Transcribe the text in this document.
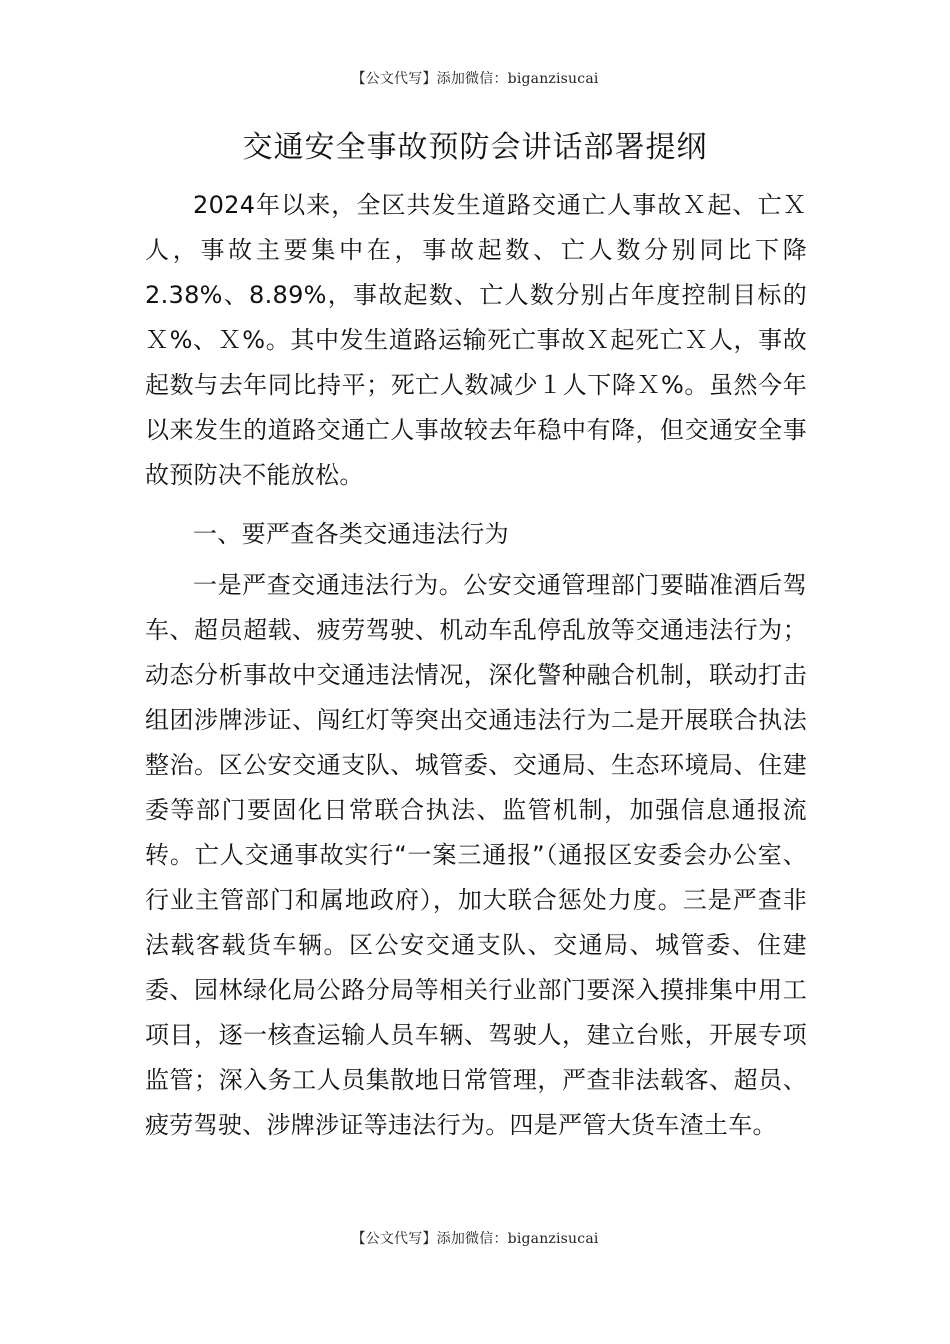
【公文代写】添加微信：biganzisucai
交通安全事故预防会讲话部署提纲

2024年以来，全区共发生道路交通亡人事故Ｘ起、亡Ｘ人，事故主要集中在，事故起数、亡人数分别同比下降2.38%、8.89%，事故起数、亡人数分别占年度控制目标的Ｘ%、Ｘ%。其中发生道路运输死亡事故Ｘ起死亡Ｘ人，事故起数与去年同比持平；死亡人数减少１人下降Ｘ%。虽然今年以来发生的道路交通亡人事故较去年稳中有降，但交通安全事故预防决不能放松。

一、要严查各类交通违法行为

一是严查交通违法行为。公安交通管理部门要瞄准酒后驾车、超员超载、疲劳驾驶、机动车乱停乱放等交通违法行为；动态分析事故中交通违法情况，深化警种融合机制，联动打击组团涉牌涉证、闯红灯等突出交通违法行为二是开展联合执法整治。区公安交通支队、城管委、交通局、生态环境局、住建委等部门要固化日常联合执法、监管机制，加强信息通报流转。亡人交通事故实行“一案三通报”（通报区安委会办公室、行业主管部门和属地政府），加大联合惩处力度。三是严查非法载客载货车辆。区公安交通支队、交通局、城管委、住建委、园林绿化局公路分局等相关行业部门要深入摸排集中用工项目，逐一核查运输人员车辆、驾驶人，建立台账，开展专项监管；深入务工人员集散地日常管理，严查非法载客、超员、疲劳驾驶、涉牌涉证等违法行为。四是严管大货车渣土车。

【公文代写】添加微信：biganzisucai
